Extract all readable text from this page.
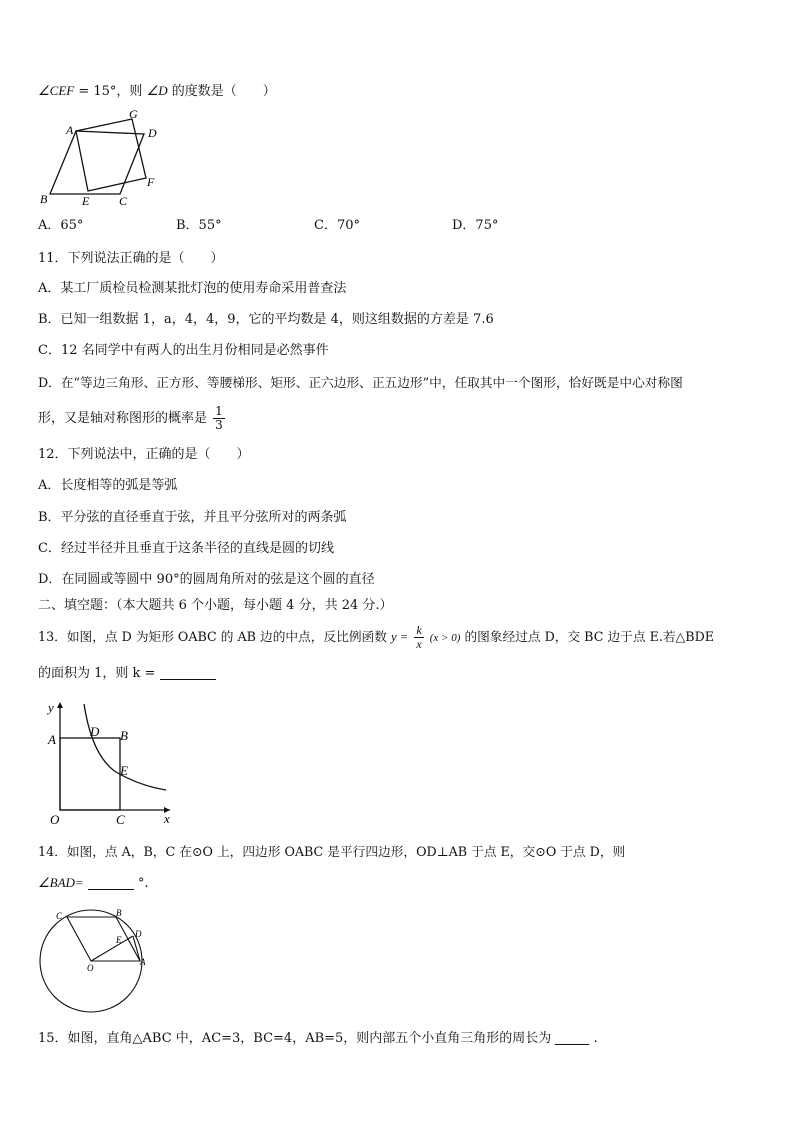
∠CEF = 15°，则 ∠D 的度数是（　　）
A
G
D
F
B	E C
A．65°	B．55°	C．70°	D．75°
11．下列说法正确的是（　　）
A．某工厂质检员检测某批灯泡的使用寿命采用普查法
B．已知一组数据 1，a，4，4，9，它的平均数是 4，则这组数据的方差是 7.6
C．12 名同学中有两人的出生月份相同是必然事件
D．在“等边三角形、正方形、等腰梯形、矩形、正六边形、正五边形”中，任取其中一个图形，恰好既是中心对称图
形，又是轴对称图形的概率是 $\frac{1}{3}$
12．下列说法中，正确的是（　　）
A．长度相等的弧是等弧
B．平分弦的直径垂直于弦，并且平分弦所对的两条弧
C．经过半径并且垂直于这条半径的直线是圆的切线
D．在同圆或等圆中 90°的圆周角所对的弦是这个圆的直径
二、填空题：（本大题共 6 个小题，每小题 4 分，共 24 分.）
13．如图，点 D 为矩形 OABC 的 AB 边的中点，反比例函数 $y = \frac{k}{x} (x > 0)$ 的图象经过点 D，交 BC 边于点 E.若△BDE
的面积为 1，则 k =
y
x
A
D B
E
O	C
14．如图，点 A，B，C 在⊙O 上，四边形 OABC 是平行四边形，OD⊥AB 于点 E，交⊙O 于点 D，则
∠BAD=	°.
C	B
D
E
O
A
15．如图，直角△ABC 中，AC=3，BC=4，AB=5，则内部五个小直角三角形的周长为	.
